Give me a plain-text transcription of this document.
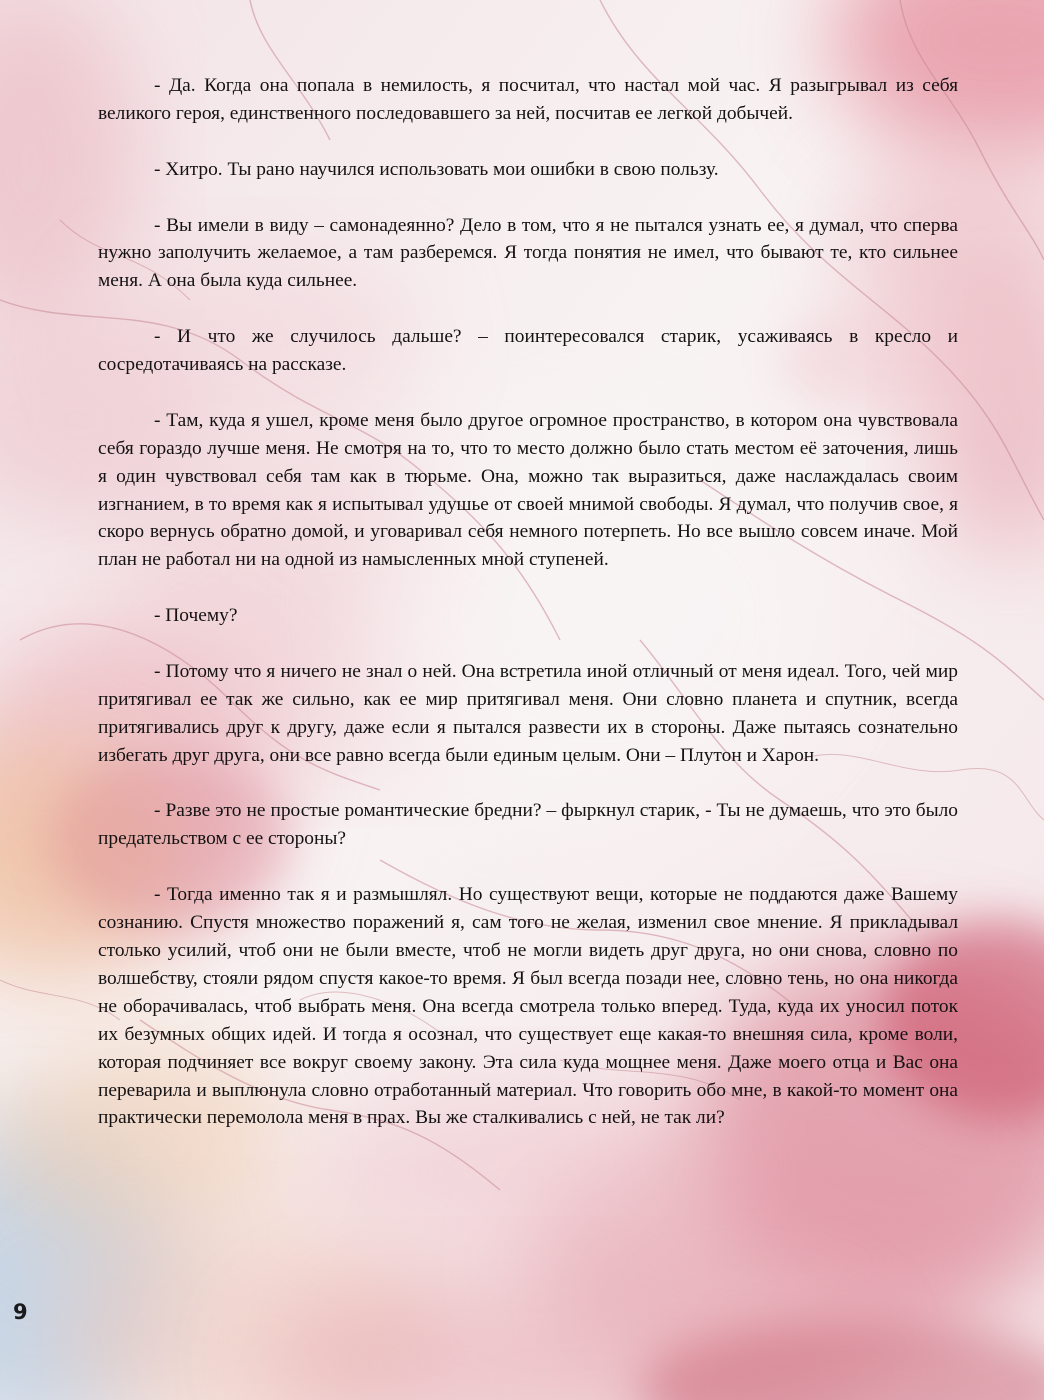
- Да. Когда она попала в немилость, я посчитал, что настал мой час. Я разыгрывал из себя великого героя, единственного последовавшего за ней, посчитав ее легкой добычей.

- Хитро. Ты рано научился использовать мои ошибки в свою пользу.

- Вы имели в виду – самонадеянно? Дело в том, что я не пытался узнать ее, я думал, что сперва нужно заполучить желаемое, а там разберемся. Я тогда понятия не имел, что бывают те, кто сильнее меня. А она была куда сильнее.

- И что же случилось дальше? – поинтересовался старик, усаживаясь в кресло и сосредотачиваясь на рассказе.

- Там, куда я ушел, кроме меня было другое огромное пространство, в котором она чувствовала себя гораздо лучше меня. Не смотря на то, что то место должно было стать местом её заточения, лишь я один чувствовал себя там как в тюрьме. Она, можно так выразиться, даже наслаждалась своим изгнанием, в то время как я испытывал удушье от своей мнимой свободы. Я думал, что получив свое, я скоро вернусь обратно домой, и уговаривал себя немного потерпеть. Но все вышло совсем иначе. Мой план не работал ни на одной из намысленных мной ступеней.

- Почему?

- Потому что я ничего не знал о ней. Она встретила иной отличный от меня идеал. Того, чей мир притягивал ее так же сильно, как ее мир притягивал меня. Они словно планета и спутник, всегда притягивались друг к другу, даже если я пытался развести их в стороны. Даже пытаясь сознательно избегать друг друга, они все равно всегда были единым целым. Они – Плутон и Харон.

- Разве это не простые романтические бредни? – фыркнул старик, - Ты не думаешь, что это было предательством с ее стороны?

- Тогда именно так я и размышлял. Но существуют вещи, которые не поддаются даже Вашему сознанию. Спустя множество поражений я, сам того не желая, изменил свое мнение. Я прикладывал столько усилий, чтоб они не были вместе, чтоб не могли видеть друг друга, но они снова, словно по волшебству, стояли рядом спустя какое-то время. Я был всегда позади нее, словно тень, но она никогда не оборачивалась, чтоб выбрать меня. Она всегда смотрела только вперед. Туда, куда их уносил поток их безумных общих идей. И тогда я осознал, что существует еще какая-то внешняя сила, кроме воли, которая подчиняет все вокруг своему закону. Эта сила куда мощнее меня. Даже моего отца и Вас она переварила и выплюнула словно отработанный материал. Что говорить обо мне, в какой-то момент она практически перемолола меня в прах. Вы же сталкивались с ней, не так ли?

9
